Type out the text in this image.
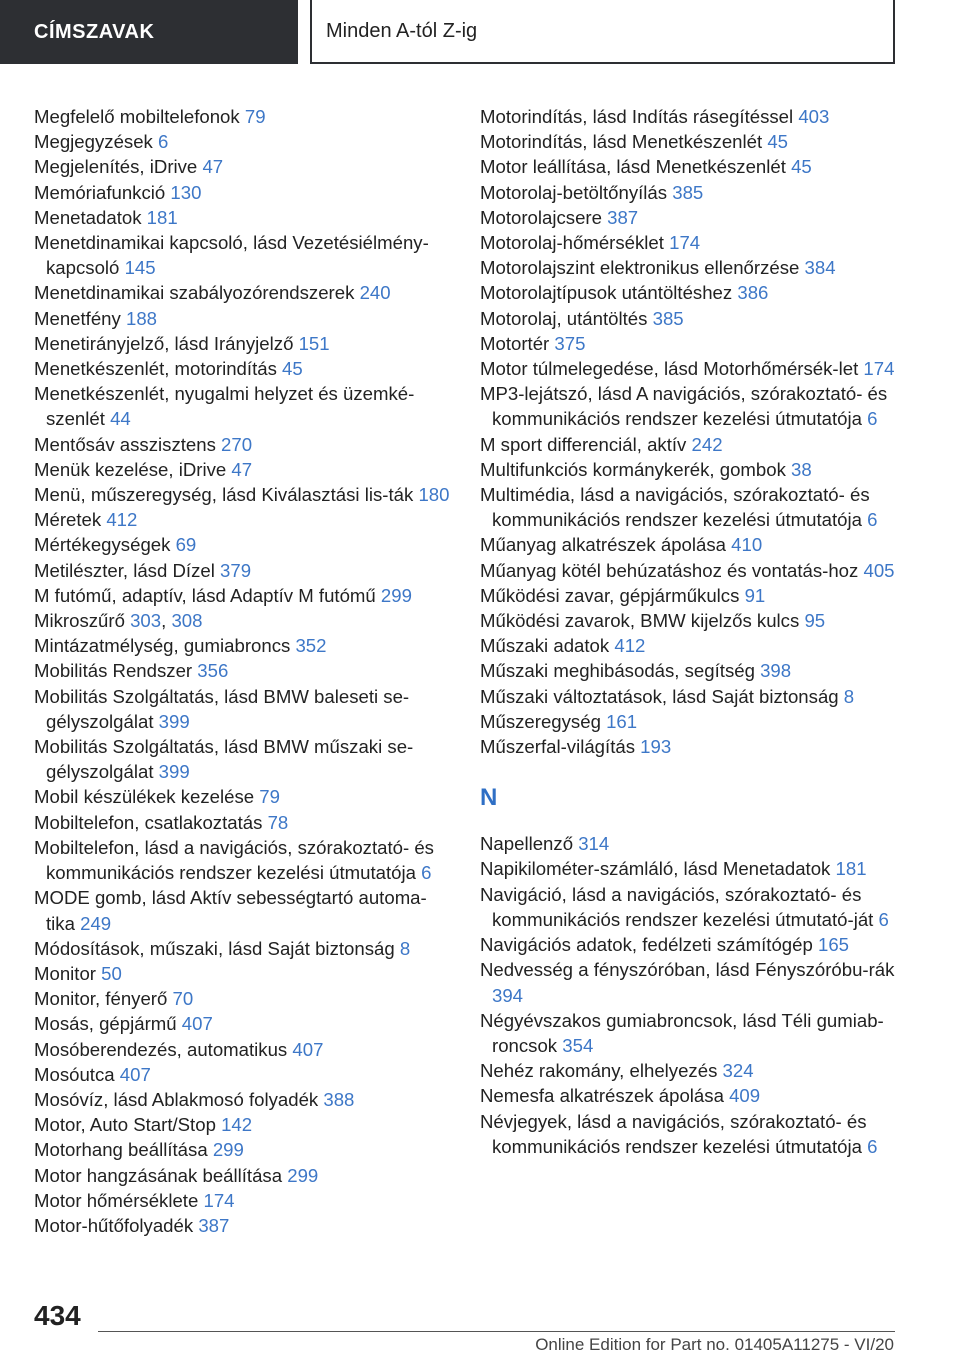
CÍMSZAVAK	Minden A-tól Z-ig

Megfelelő mobiltelefonok 79

Megjegyzések 6

Megjelenítés, iDrive 47

Memóriafunkció 130

Menetadatok 181

Menetdinamikai kapcsoló, lásd Vezetésiélmény-kapcsoló 145

Menetdinamikai szabályozórendszerek 240

Menetfény 188

Menetirányjelző, lásd Irányjelző 151

Menetkészenlét, motorindítás 45

Menetkészenlét, nyugalmi helyzet és üzemké-szenlét 44

Mentősáv asszisztens 270

Menük kezelése, iDrive 47

Menü, műszeregység, lásd Kiválasztási lis-ták 180

Méretek 412

Mértékegységek 69

Metilészter, lásd Dízel 379

M futómű, adaptív, lásd Adaptív M futómű 299

Mikroszűrő 303, 308

Mintázatmélység, gumiabroncs 352

Mobilitás Rendszer 356

Mobilitás Szolgáltatás, lásd BMW baleseti se-gélyszolgálat 399

Mobilitás Szolgáltatás, lásd BMW műszaki se-gélyszolgálat 399

Mobil készülékek kezelése 79

Mobiltelefon, csatlakoztatás 78

Mobiltelefon, lásd a navigációs, szórakoztató- és kommunikációs rendszer kezelési útmutatója 6

MODE gomb, lásd Aktív sebességtartó automa-tika 249

Módosítások, műszaki, lásd Saját biztonság 8

Monitor 50

Monitor, fényerő 70

Mosás, gépjármű 407

Mosóberendezés, automatikus 407

Mosóutca 407

Mosóvíz, lásd Ablakmosó folyadék 388

Motor, Auto Start/Stop 142

Motorhang beállítása 299

Motor hangzásának beállítása 299

Motor hőmérséklete 174

Motor-hűtőfolyadék 387

Motorindítás, lásd Indítás rásegítéssel 403

Motorindítás, lásd Menetkészenlét 45

Motor leállítása, lásd Menetkészenlét 45

Motorolaj-betöltőnyílás 385

Motorolajcsere 387

Motorolaj-hőmérséklet 174

Motorolajszint elektronikus ellenőrzése 384

Motorolajtípusok utántöltéshez 386

Motorolaj, utántöltés 385

Motortér 375

Motor túlmelegedése, lásd Motorhőmérsék-let 174

MP3-lejátszó, lásd A navigációs, szórakoztató- és kommunikációs rendszer kezelési útmutatója 6

M sport differenciál, aktív 242

Multifunkciós kormánykerék, gombok 38

Multimédia, lásd a navigációs, szórakoztató- és kommunikációs rendszer kezelési útmutatója 6

Műanyag alkatrészek ápolása 410

Műanyag kötél behúzatáshoz és vontatás-hoz 405

Működési zavar, gépjárműkulcs 91

Működési zavarok, BMW kijelzős kulcs 95

Műszaki adatok 412

Műszaki meghibásodás, segítség 398

Műszaki változtatások, lásd Saját biztonság 8

Műszeregység 161

Műszerfal-világítás 193

N

Napellenző 314

Napikilométer-számláló, lásd Menetadatok 181

Navigáció, lásd a navigációs, szórakoztató- és kommunikációs rendszer kezelési útmutató-ját 6

Navigációs adatok, fedélzeti számítógép 165

Nedvesség a fényszóróban, lásd Fényszóróbu-rák 394

Négyévszakos gumiabroncsok, lásd Téli gumiab-roncsok 354

Nehéz rakomány, elhelyezés 324

Nemesfa alkatrészek ápolása 409

Névjegyek, lásd a navigációs, szórakoztató- és kommunikációs rendszer kezelési útmutatója 6

434
Online Edition for Part no. 01405A11275 - VI/20
